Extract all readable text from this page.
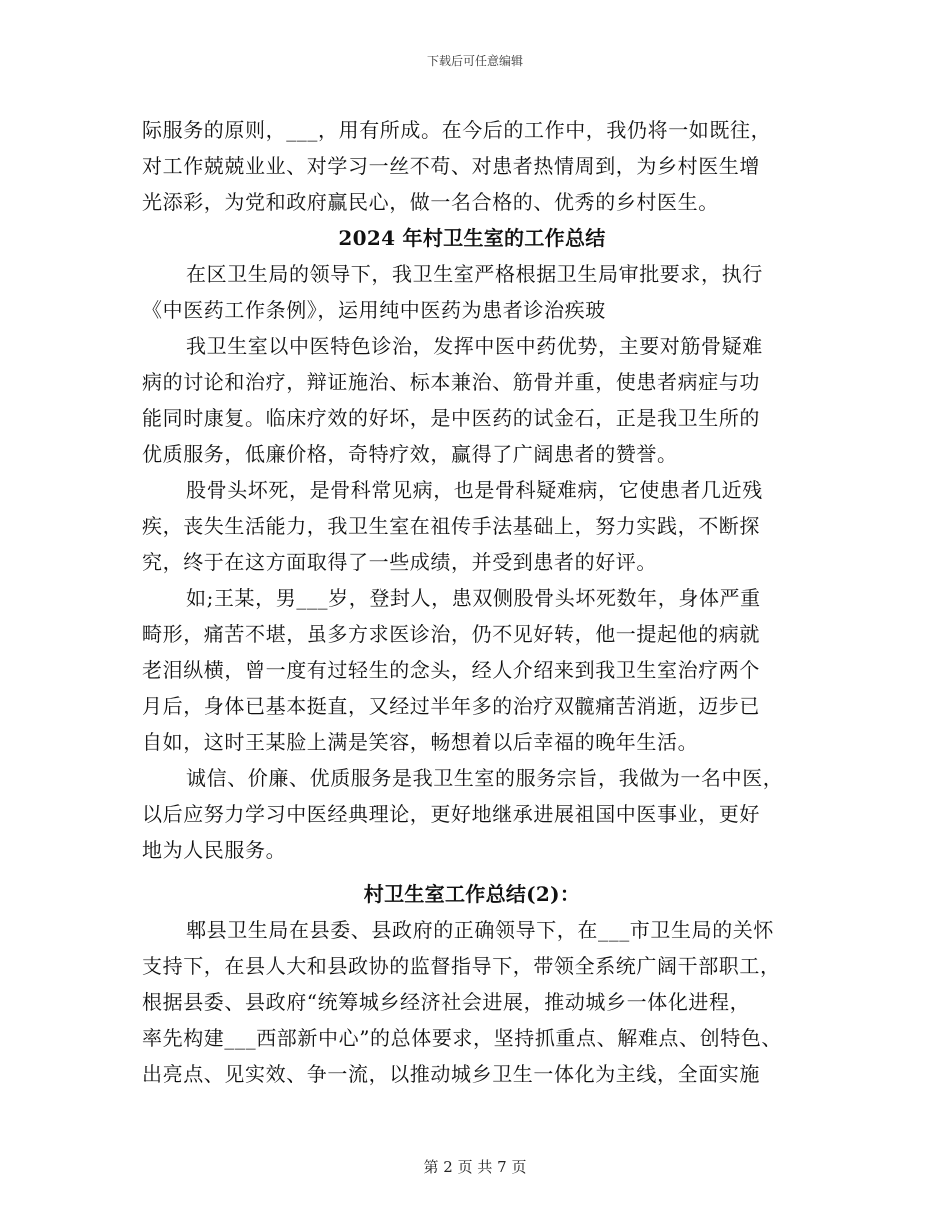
下载后可任意编辑
际服务的原则，___，用有所成。在今后的工作中，我仍将一如既往，
对工作兢兢业业、对学习一丝不苟、对患者热情周到，为乡村医生增
光添彩，为党和政府赢民心，做一名合格的、优秀的乡村医生。
2024 年村卫生室的工作总结
在区卫生局的领导下，我卫生室严格根据卫生局审批要求，执行
《中医药工作条例》，运用纯中医药为患者诊治疾玻
我卫生室以中医特色诊治，发挥中医中药优势，主要对筋骨疑难
病的讨论和治疗，辩证施治、标本兼治、筋骨并重，使患者病症与功
能同时康复。临床疗效的好坏，是中医药的试金石，正是我卫生所的
优质服务，低廉价格，奇特疗效，赢得了广阔患者的赞誉。
股骨头坏死，是骨科常见病，也是骨科疑难病，它使患者几近残
疾，丧失生活能力，我卫生室在祖传手法基础上，努力实践，不断探
究，终于在这方面取得了一些成绩，并受到患者的好评。
如;王某，男___岁，登封人，患双侧股骨头坏死数年，身体严重
畸形，痛苦不堪，虽多方求医诊治，仍不见好转，他一提起他的病就
老泪纵横，曾一度有过轻生的念头，经人介绍来到我卫生室治疗两个
月后，身体已基本挺直，又经过半年多的治疗双髋痛苦消逝，迈步已
自如，这时王某脸上满是笑容，畅想着以后幸福的晚年生活。
诚信、价廉、优质服务是我卫生室的服务宗旨，我做为一名中医，
以后应努力学习中医经典理论，更好地继承进展祖国中医事业，更好
地为人民服务。
村卫生室工作总结(2)：
郫县卫生局在县委、县政府的正确领导下，在___市卫生局的关怀
支持下，在县人大和县政协的监督指导下，带领全系统广阔干部职工，
根据县委、县政府“统筹城乡经济社会进展，推动城乡一体化进程，
率先构建___西部新中心”的总体要求，坚持抓重点、解难点、创特色、
出亮点、见实效、争一流，以推动城乡卫生一体化为主线，全面实施
第 2 页 共 7 页
